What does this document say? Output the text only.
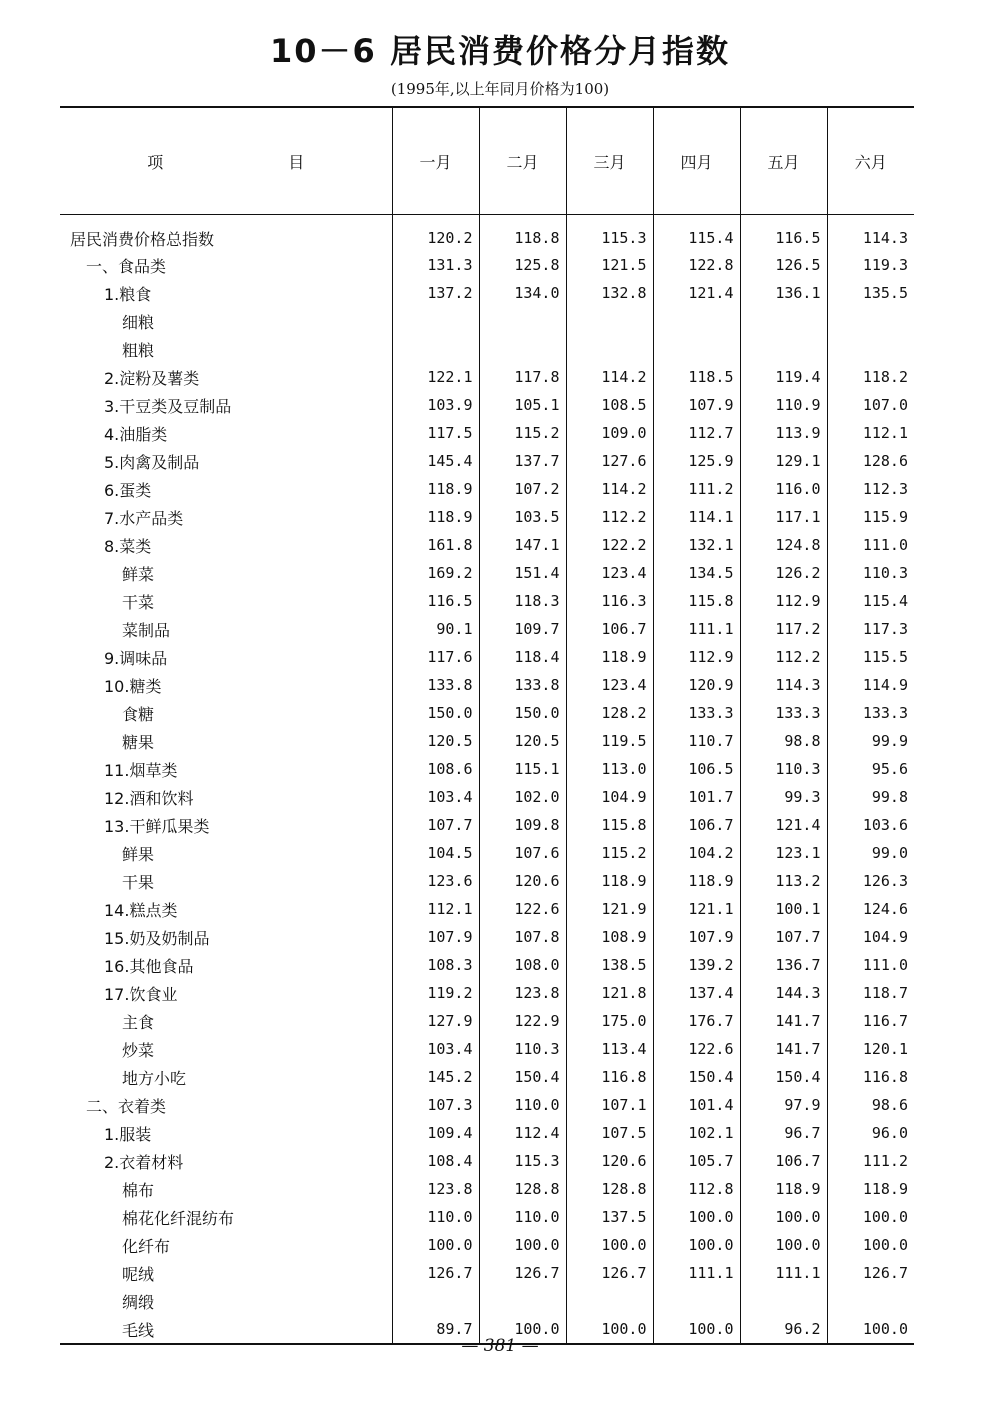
10－6 居民消费价格分月指数
(1995年,以上年同月价格为100)
项 目	一月	二月	三月	四月	五月	六月
居民消费价格总指数	120.2	118.8	115.3	115.4	116.5	114.3
一、食品类	131.3	125.8	121.5	122.8	126.5	119.3
1.粮食	137.2	134.0	132.8	121.4	136.1	135.5
细粮						
粗粮						
2.淀粉及薯类	122.1	117.8	114.2	118.5	119.4	118.2
3.干豆类及豆制品	103.9	105.1	108.5	107.9	110.9	107.0
4.油脂类	117.5	115.2	109.0	112.7	113.9	112.1
5.肉禽及制品	145.4	137.7	127.6	125.9	129.1	128.6
6.蛋类	118.9	107.2	114.2	111.2	116.0	112.3
7.水产品类	118.9	103.5	112.2	114.1	117.1	115.9
8.菜类	161.8	147.1	122.2	132.1	124.8	111.0
鲜菜	169.2	151.4	123.4	134.5	126.2	110.3
干菜	116.5	118.3	116.3	115.8	112.9	115.4
菜制品	90.1	109.7	106.7	111.1	117.2	117.3
9.调味品	117.6	118.4	118.9	112.9	112.2	115.5
10.糖类	133.8	133.8	123.4	120.9	114.3	114.9
食糖	150.0	150.0	128.2	133.3	133.3	133.3
糖果	120.5	120.5	119.5	110.7	98.8	99.9
11.烟草类	108.6	115.1	113.0	106.5	110.3	95.6
12.酒和饮料	103.4	102.0	104.9	101.7	99.3	99.8
13.干鲜瓜果类	107.7	109.8	115.8	106.7	121.4	103.6
鲜果	104.5	107.6	115.2	104.2	123.1	99.0
干果	123.6	120.6	118.9	118.9	113.2	126.3
14.糕点类	112.1	122.6	121.9	121.1	100.1	124.6
15.奶及奶制品	107.9	107.8	108.9	107.9	107.7	104.9
16.其他食品	108.3	108.0	138.5	139.2	136.7	111.0
17.饮食业	119.2	123.8	121.8	137.4	144.3	118.7
主食	127.9	122.9	175.0	176.7	141.7	116.7
炒菜	103.4	110.3	113.4	122.6	141.7	120.1
地方小吃	145.2	150.4	116.8	150.4	150.4	116.8
二、衣着类	107.3	110.0	107.1	101.4	97.9	98.6
1.服装	109.4	112.4	107.5	102.1	96.7	96.0
2.衣着材料	108.4	115.3	120.6	105.7	106.7	111.2
棉布	123.8	128.8	128.8	112.8	118.9	118.9
棉花化纤混纺布	110.0	110.0	137.5	100.0	100.0	100.0
化纤布	100.0	100.0	100.0	100.0	100.0	100.0
呢绒	126.7	126.7	126.7	111.1	111.1	126.7
绸缎						
毛线	89.7	100.0	100.0	100.0	96.2	100.0
— 381 —
